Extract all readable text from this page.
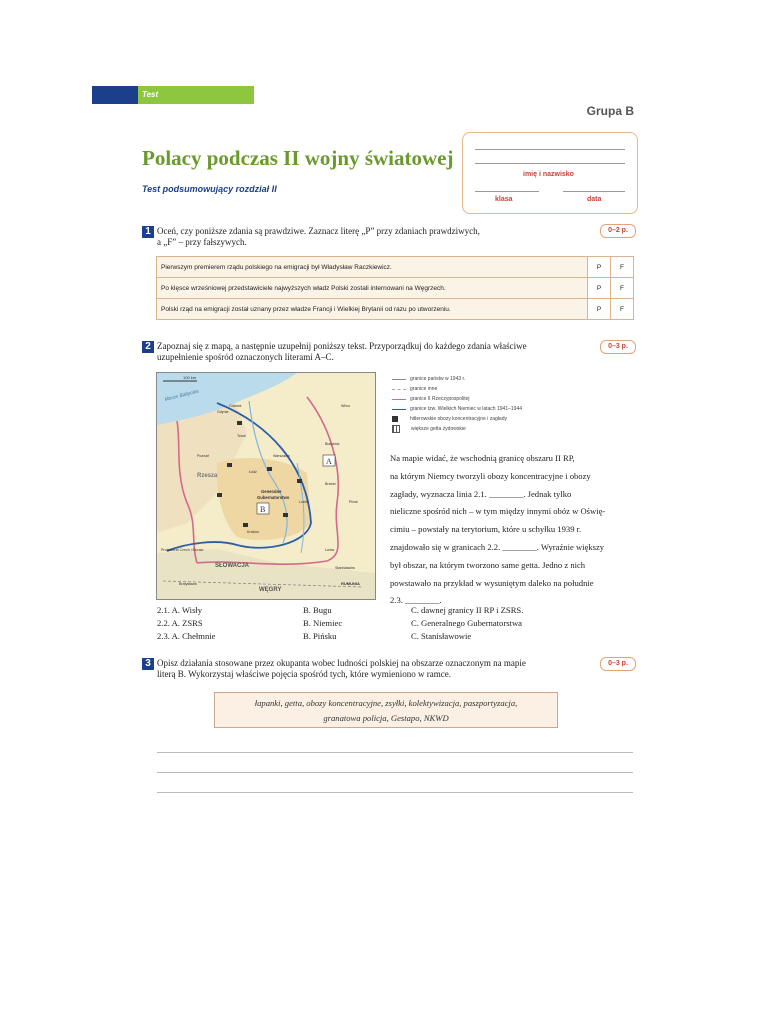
Test
Grupa B
Polacy podczas II wojny światowej
Test podsumowujący rozdział II
imię i nazwisko
klasa	data
1 Oceń, czy poniższe zdania są prawdziwe. Zaznacz literę „P” przy zdaniach prawdziwych,
a „F” – przy fałszywych.
0–2 p.
Pierwszym premierem rządu polskiego na emigracji był Władysław Raczkiewicz.	P	F
Po klęsce wrześniowej przedstawiciele najwyższych władz Polski zostali internowani na Węgrzech.	P	F
Polski rząd na emigracji został uznany przez władze Francji i Wielkiej Brytanii od razu po utworzeniu.	P	F
2 Zapoznaj się z mapą, a następnie uzupełnij poniższy tekst. Przyporządkuj do każdego zdania właściwe
uzupełnienie spośród oznaczonych literami A–C.
0–3 p.
100 km
Morze Bałtyckie
Gdańsk
Gdynia
Toruń
Poznań
Łódź
Warszawa
Kraków
Lublin
Białystok
Wilno
Lwów
Brześć
Pińsk
Stanisławów
Bratysława
Generalne
Gubernatorstwo
SŁOWACJA
WĘGRY
RUMUNIA
Protektorat Czech i Moraw
Rzesza
A
B
granice państw w 1943 r.
granice inne
granice II Rzeczypospolitej
granice tzw. Wielkich Niemiec w latach 1941–1944
hitlerowskie obozy koncentracyjne i zagłady
większe getta żydowskie
Na mapie widać, że wschodnią granicę obszaru II RP,
na którym Niemcy tworzyli obozy koncentracyjne i obozy
zagłady, wyznacza linia 2.1. ________. Jednak tylko
nieliczne spośród nich – w tym między innymi obóz w Oświę-
cimiu – powstały na terytorium, które u schyłku 1939 r.
znajdowało się w granicach 2.2. ________. Wyraźnie większy
był obszar, na którym tworzono same getta. Jedno z nich
powstawało na przykład w wysuniętym daleko na południe
2.3. ________.
2.1. A. Wisły	B. Bugu	C. dawnej granicy II RP i ZSRS.
2.2. A. ZSRS	B. Niemiec	C. Generalnego Gubernatorstwa
2.3. A. Chełmnie	B. Pińsku	C. Stanisławowie
3 Opisz działania stosowane przez okupanta wobec ludności polskiej na obszarze oznaczonym na mapie
literą B. Wykorzystaj właściwe pojęcia spośród tych, które wymieniono w ramce.
0–3 p.
łapanki, getta, obozy koncentracyjne, zsyłki, kolektywizacja, paszportyzacja,
granatowa policja, Gestapo, NKWD
